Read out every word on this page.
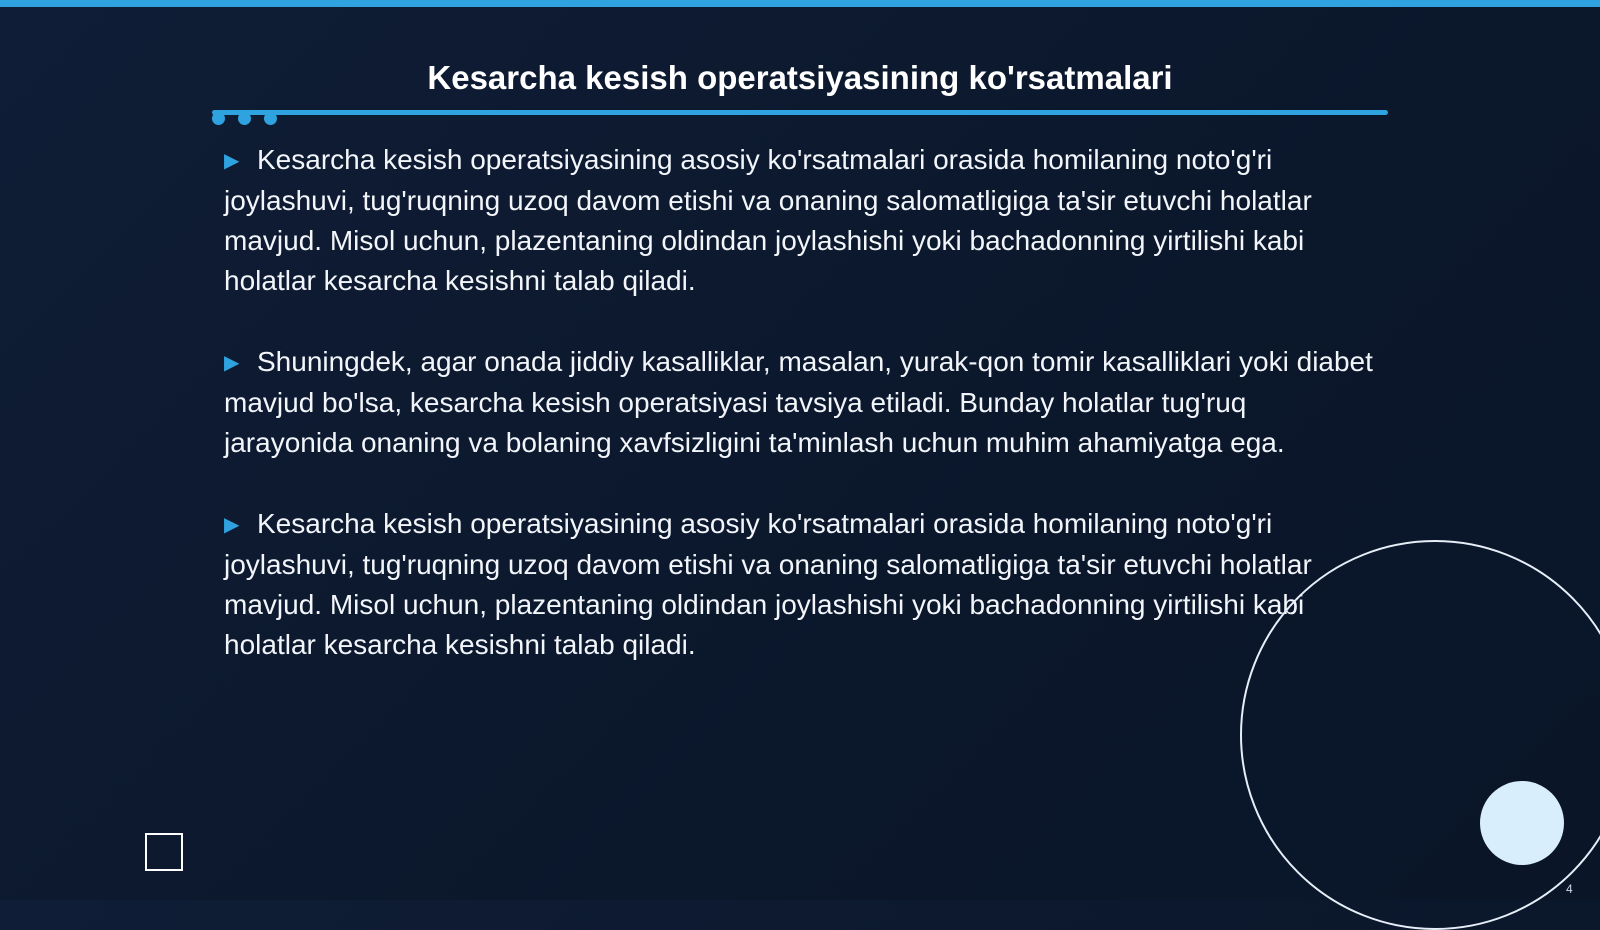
Kesarcha kesish operatsiyasining ko'rsatmalari

▶ Kesarcha kesish operatsiyasining asosiy ko'rsatmalari orasida homilaning noto'g'ri joylashuvi, tug'ruqning uzoq davom etishi va onaning salomatligiga ta'sir etuvchi holatlar mavjud. Misol uchun, plazentaning oldindan joylashishi yoki bachadonning yirtilishi kabi holatlar kesarcha kesishni talab qiladi.

▶ Shuningdek, agar onada jiddiy kasalliklar, masalan, yurak-qon tomir kasalliklari yoki diabet mavjud bo'lsa, kesarcha kesish operatsiyasi tavsiya etiladi. Bunday holatlar tug'ruq jarayonida onaning va bolaning xavfsizligini ta'minlash uchun muhim ahamiyatga ega.

▶ Kesarcha kesish operatsiyasining asosiy ko'rsatmalari orasida homilaning noto'g'ri joylashuvi, tug'ruqning uzoq davom etishi va onaning salomatligiga ta'sir etuvchi holatlar mavjud. Misol uchun, plazentaning oldindan joylashishi yoki bachadonning yirtilishi kabi holatlar kesarcha kesishni talab qiladi.

4
